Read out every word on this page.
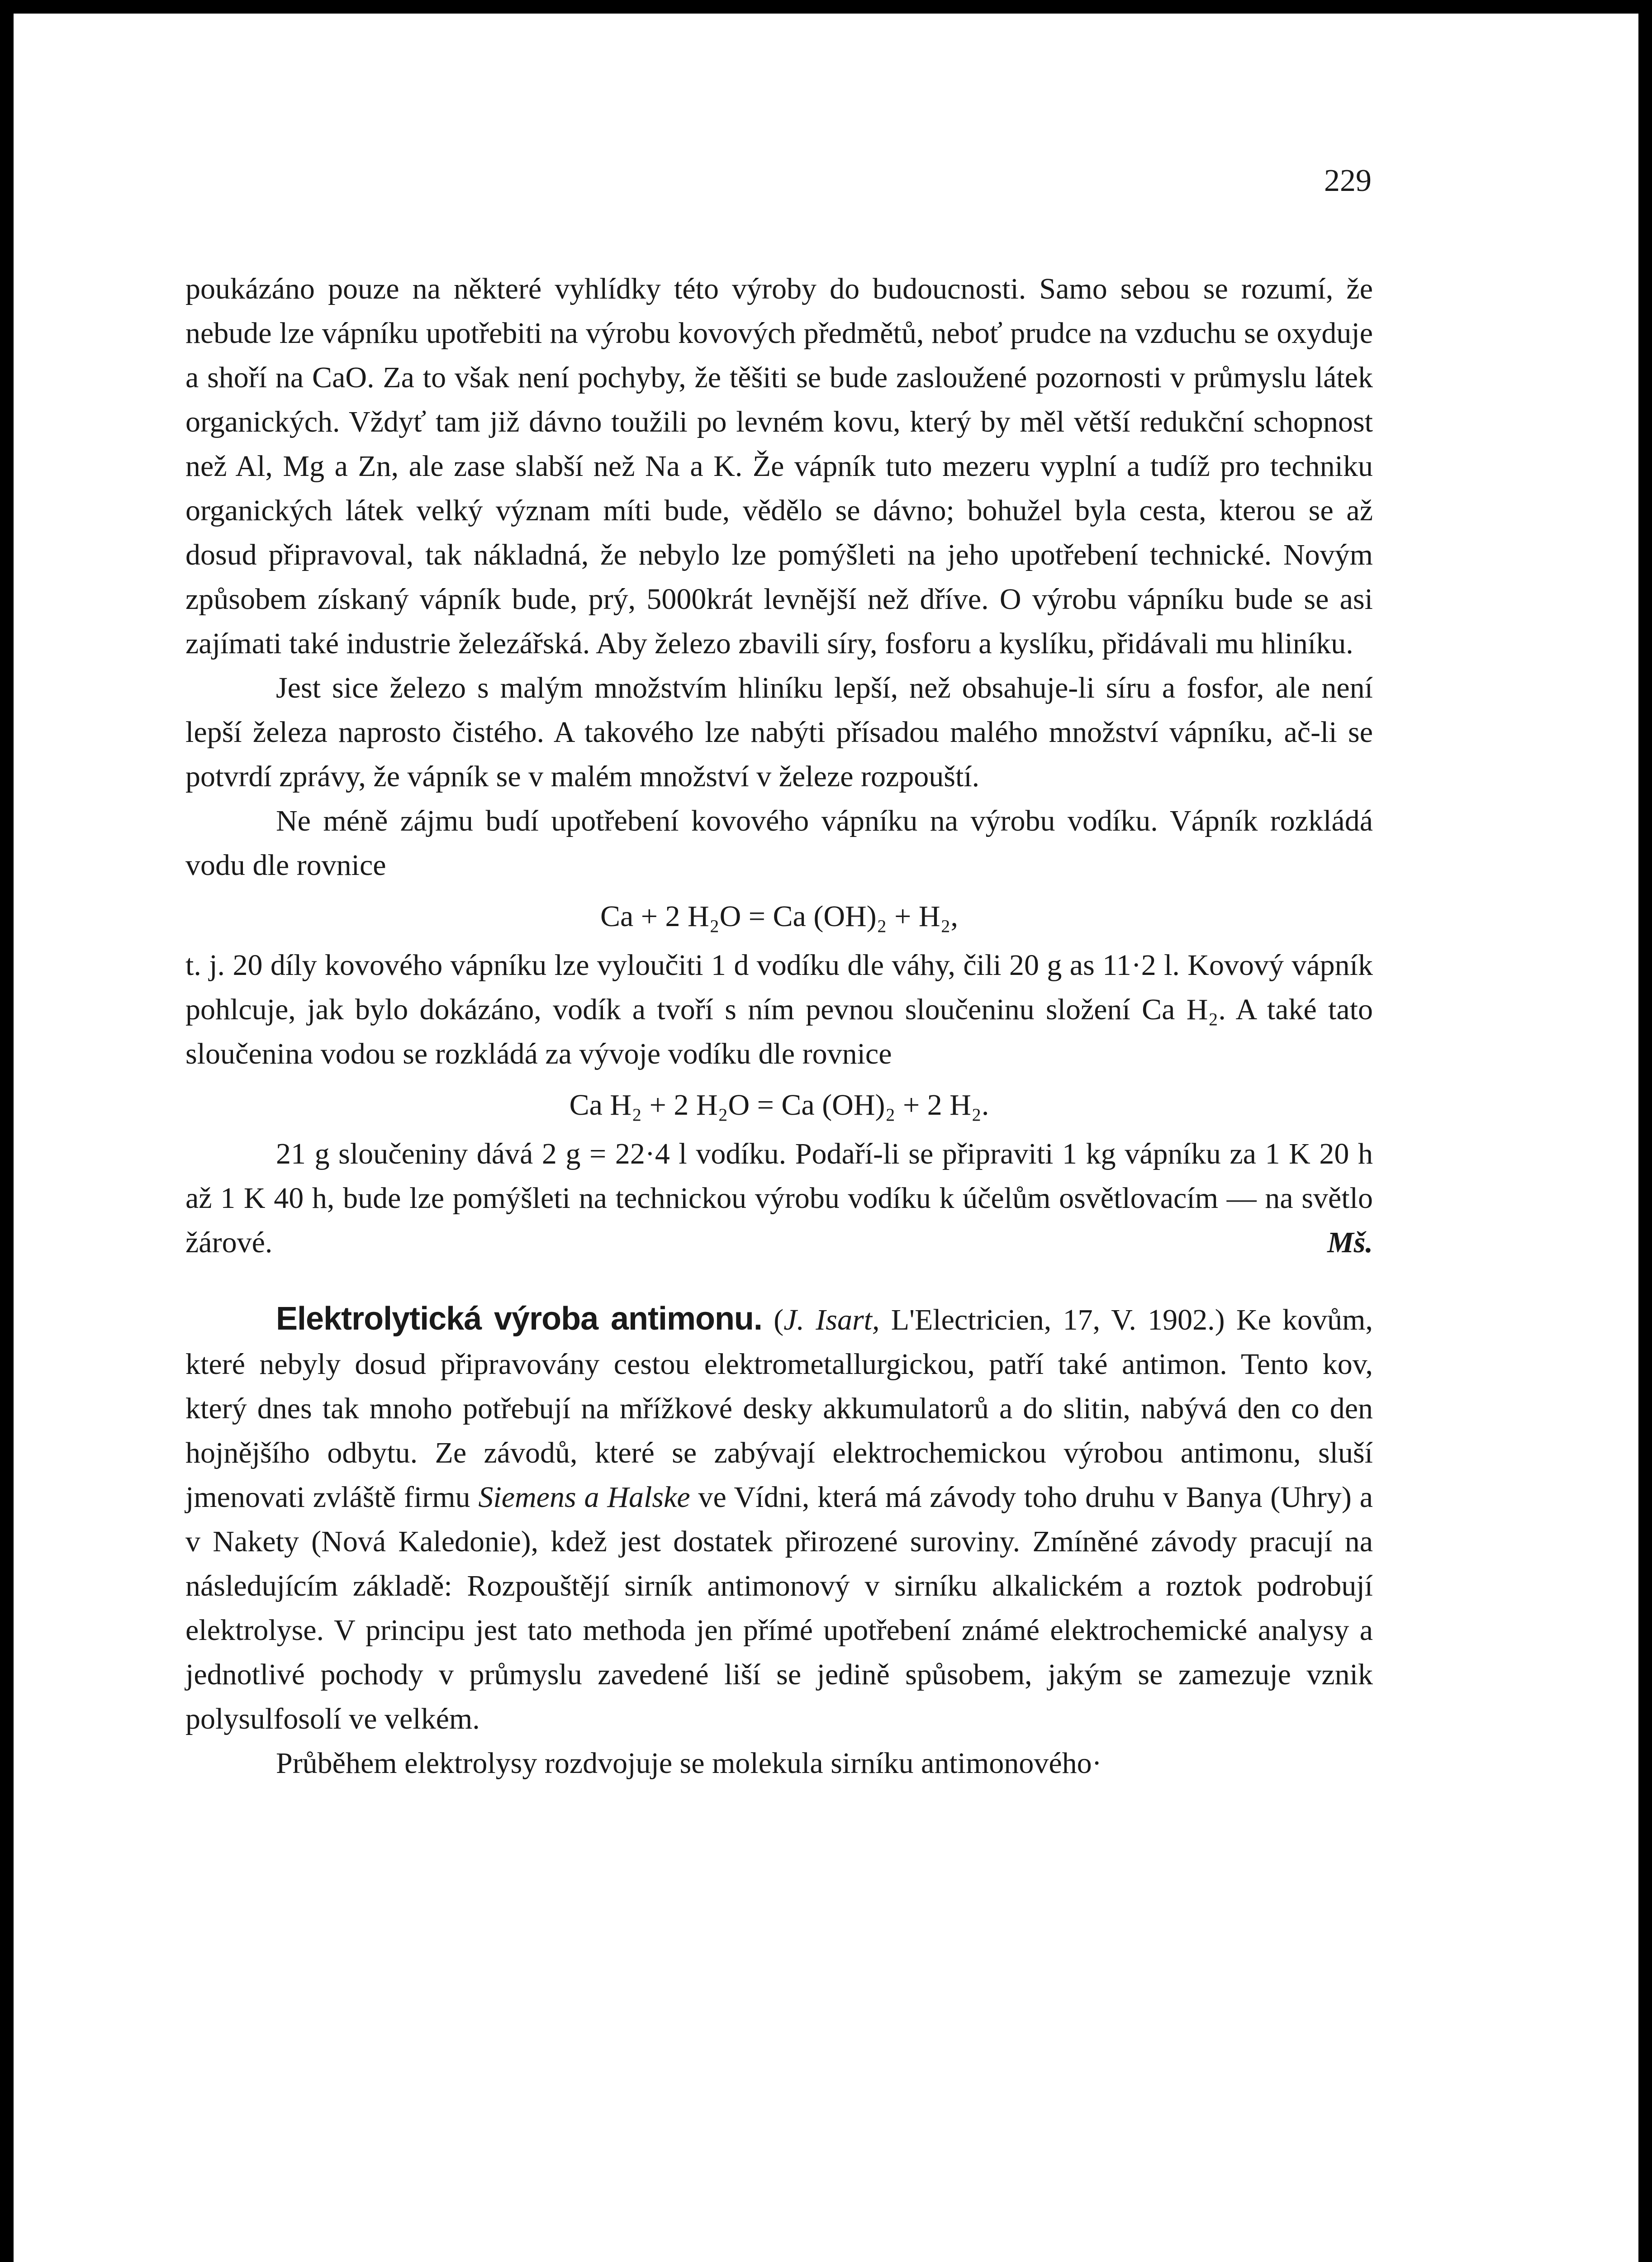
229

poukázáno pouze na některé vyhlídky této výroby do budoucnosti. Samo sebou se rozumí, že nebude lze vápníku upotřebiti na výrobu kovových předmětů, neboť prudce na vzduchu se oxyduje a shoří na CaO. Za to však není pochyby, že těšiti se bude zasloužené pozornosti v průmyslu látek organických. Vždyť tam již dávno toužili po levném kovu, který by měl větší redukční schopnost než Al, Mg a Zn, ale zase slabší než Na a K. Že vápník tuto mezeru vyplní a tudíž pro techniku organických látek velký význam míti bude, vědělo se dávno; bohužel byla cesta, kterou se až dosud připravoval, tak nákladná, že nebylo lze pomýšleti na jeho upotřebení technické. Novým způsobem získaný vápník bude, prý, 5000krát levnější než dříve. O výrobu vápníku bude se asi zajímati také industrie železářská. Aby železo zbavili síry, fosforu a kyslíku, přidávali mu hliníku.

Jest sice železo s malým množstvím hliníku lepší, než obsahuje-li síru a fosfor, ale není lepší železa naprosto čistého. A takového lze nabýti přísadou malého množství vápníku, ač-li se potvrdí zprávy, že vápník se v malém množství v železe rozpouští.

Ne méně zájmu budí upotřebení kovového vápníku na výrobu vodíku. Vápník rozkládá vodu dle rovnice

Ca + 2 H₂O = Ca (OH)₂ + H₂,

t. j. 20 díly kovového vápníku lze vyloučiti 1 d vodíku dle váhy, čili 20 g as 11·2 l. Kovový vápník pohlcuje, jak bylo dokázáno, vodík a tvoří s ním pevnou sloučeninu složení Ca H₂. A také tato sloučenina vodou se rozkládá za vývoje vodíku dle rovnice

Ca H₂ + 2 H₂O = Ca (OH)₂ + 2 H₂.

21 g sloučeniny dává 2 g = 22·4 l vodíku. Podaří-li se připraviti 1 kg vápníku za 1 K 20 h až 1 K 40 h, bude lze pomýšleti na technickou výrobu vodíku k účelům osvětlovacím — na světlo žárové.	Mš.

Elektrolytická výroba antimonu. (J. Isart, L'Electricien, 17, V. 1902.) Ke kovům, které nebyly dosud připravovány cestou elektrometallurgickou, patří také antimon. Tento kov, který dnes tak mnoho potřebují na mřížkové desky akkumulatorů a do slitin, nabývá den co den hojnějšího odbytu. Ze závodů, které se zabývají elektrochemickou výrobou antimonu, sluší jmenovati zvláště firmu Siemens a Halske ve Vídni, která má závody toho druhu v Banya (Uhry) a v Nakety (Nová Kaledonie), kdež jest dostatek přirozené suroviny. Zmíněné závody pracují na následujícím základě: Rozpouštějí sirník antimonový v sirníku alkalickém a roztok podrobují elektrolyse. V principu jest tato methoda jen přímé upotřebení známé elektrochemické analysy a jednotlivé pochody v průmyslu zavedené liší se jedině spůsobem, jakým se zamezuje vznik polysulfosolí ve velkém.

Průběhem elektrolysy rozdvojuje se molekula sirníku antimonového·
